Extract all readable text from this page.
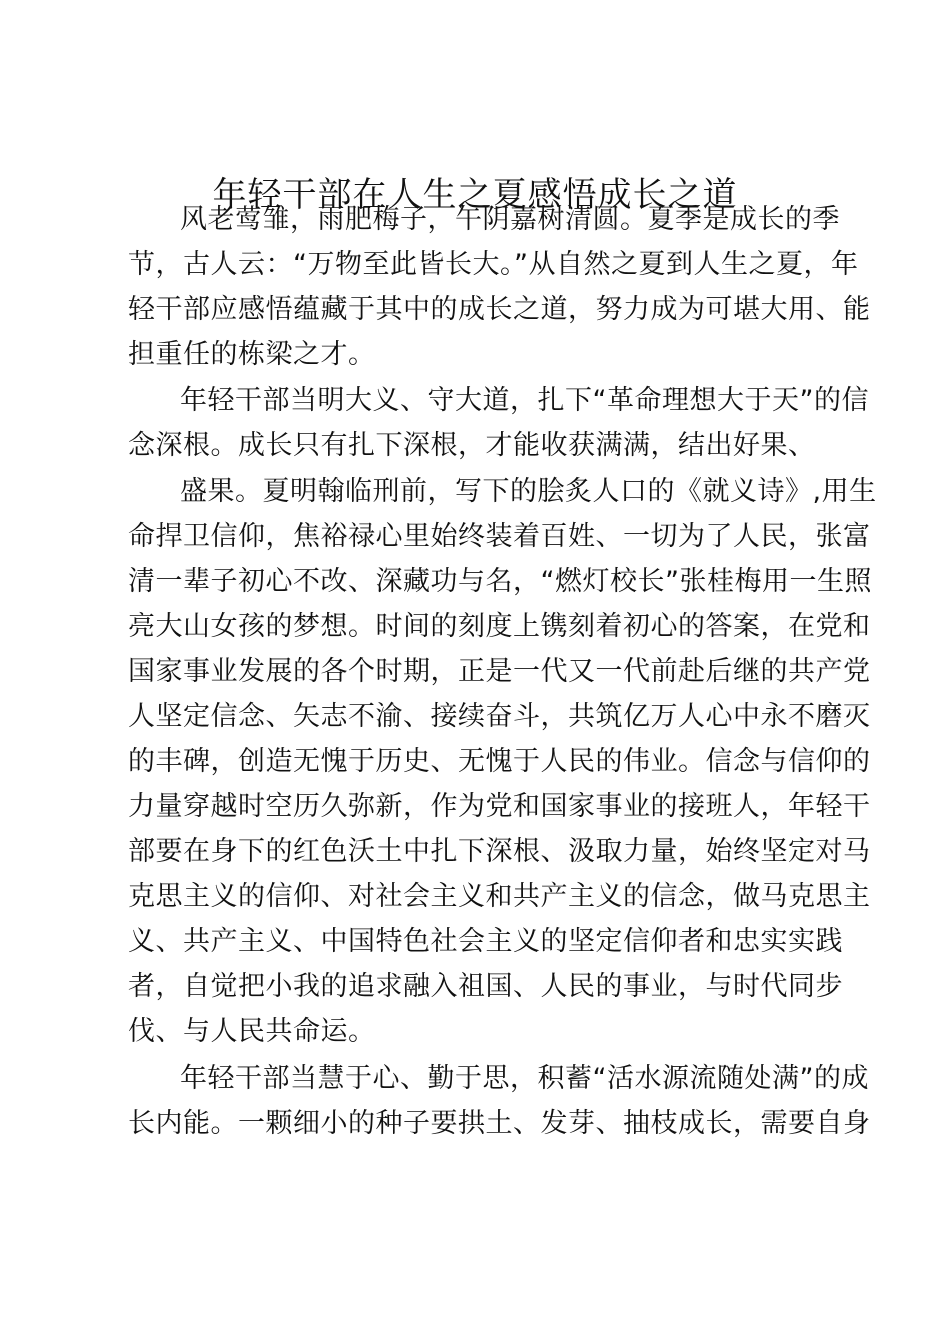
年轻干部在人生之夏感悟成长之道

风老莺雏，雨肥梅子，午阴嘉树清圆。夏季是成长的季

节，古人云：“万物至此皆长大。”从自然之夏到人生之夏，年

轻干部应感悟蕴藏于其中的成长之道，努力成为可堪大用、能

担重任的栋梁之才。

年轻干部当明大义、守大道，扎下“革命理想大于天”的信

念深根。成长只有扎下深根，才能收获满满，结出好果、

盛果。夏明翰临刑前，写下的脍炙人口的《就义诗》,用生

命捍卫信仰，焦裕禄心里始终装着百姓、一切为了人民，张富

清一辈子初心不改、深藏功与名，“燃灯校长”张桂梅用一生照

亮大山女孩的梦想。时间的刻度上镌刻着初心的答案，在党和

国家事业发展的各个时期，正是一代又一代前赴后继的共产党

人坚定信念、矢志不渝、接续奋斗，共筑亿万人心中永不磨灭

的丰碑，创造无愧于历史、无愧于人民的伟业。信念与信仰的

力量穿越时空历久弥新，作为党和国家事业的接班人，年轻干

部要在身下的红色沃土中扎下深根、汲取力量，始终坚定对马

克思主义的信仰、对社会主义和共产主义的信念，做马克思主

义、共产主义、中国特色社会主义的坚定信仰者和忠实实践

者，自觉把小我的追求融入祖国、人民的事业，与时代同步

伐、与人民共命运。

年轻干部当慧于心、勤于思，积蓄“活水源流随处满”的成

长内能。一颗细小的种子要拱土、发芽、抽枝成长，需要自身
